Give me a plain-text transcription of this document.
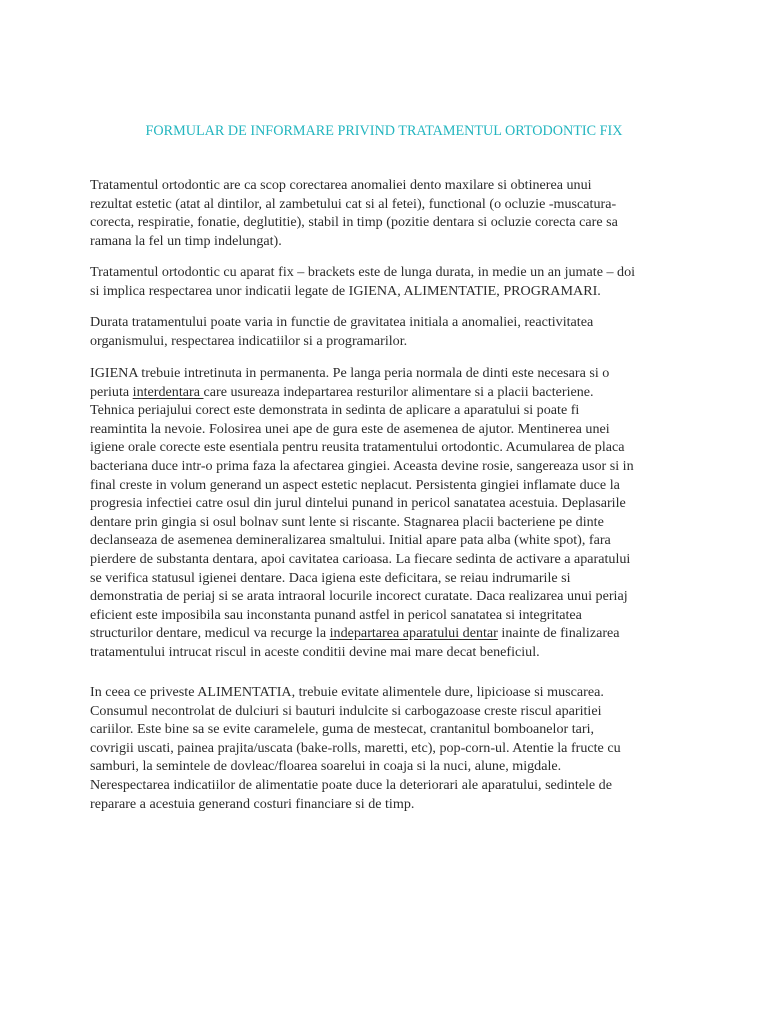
FORMULAR DE INFORMARE PRIVIND TRATAMENTUL ORTODONTIC FIX
Tratamentul ortodontic are ca scop corectarea anomaliei dento maxilare si obtinerea unui
rezultat estetic (atat al dintilor, al zambetului cat si al fetei), functional (o ocluzie -muscatura-
corecta, respiratie, fonatie, deglutitie), stabil in timp (pozitie dentara si ocluzie corecta care sa
ramana la fel un timp indelungat).
Tratamentul ortodontic cu aparat fix – brackets este de lunga durata, in medie un an jumate – doi
si implica respectarea unor indicatii legate de IGIENA, ALIMENTATIE, PROGRAMARI.
Durata tratamentului poate varia in functie de gravitatea initiala a anomaliei, reactivitatea
organismului, respectarea indicatiilor si a programarilor.
IGIENA trebuie intretinuta in permanenta. Pe langa peria normala de dinti este necesara si o
periuta interdentara care usureaza indepartarea resturilor alimentare si a placii bacteriene.
Tehnica periajului corect este demonstrata in sedinta de aplicare a aparatului si poate fi
reamintita la nevoie. Folosirea unei ape de gura este de asemenea de ajutor. Mentinerea unei
igiene orale corecte este esentiala pentru reusita tratamentului ortodontic. Acumularea de placa
bacteriana duce intr-o prima faza la afectarea gingiei. Aceasta devine rosie, sangereaza usor si in
final creste in volum generand un aspect estetic neplacut. Persistenta gingiei inflamate duce la
progresia infectiei catre osul din jurul dintelui punand in pericol sanatatea acestuia. Deplasarile
dentare prin gingia si osul bolnav sunt lente si riscante. Stagnarea placii bacteriene pe dinte
declanseaza de asemenea demineralizarea smaltului. Initial apare pata alba (white spot), fara
pierdere de substanta dentara, apoi cavitatea carioasa. La fiecare sedinta de activare a aparatului
se verifica statusul igienei dentare. Daca igiena este deficitara, se reiau indrumarile si
demonstratia de periaj si se arata intraoral locurile incorect curatate. Daca realizarea unui periaj
eficient este imposibila sau inconstanta punand astfel in pericol sanatatea si integritatea
structurilor dentare, medicul va recurge la indepartarea aparatului dentar inainte de finalizarea
tratamentului intrucat riscul in aceste conditii devine mai mare decat beneficiul.
In ceea ce priveste ALIMENTATIA, trebuie evitate alimentele dure, lipicioase si muscarea.
Consumul necontrolat de dulciuri si bauturi indulcite si carbogazoase creste riscul aparitiei
cariilor. Este bine sa se evite caramelele, guma de mestecat, crantanitul bomboanelor tari,
covrigii uscati, painea prajita/uscata (bake-rolls, maretti, etc), pop-corn-ul. Atentie la fructe cu
samburi, la semintele de dovleac/floarea soarelui in coaja si la nuci, alune, migdale.
Nerespectarea indicatiilor de alimentatie poate duce la deteriorari ale aparatului, sedintele de
reparare a acestuia generand costuri financiare si de timp.
